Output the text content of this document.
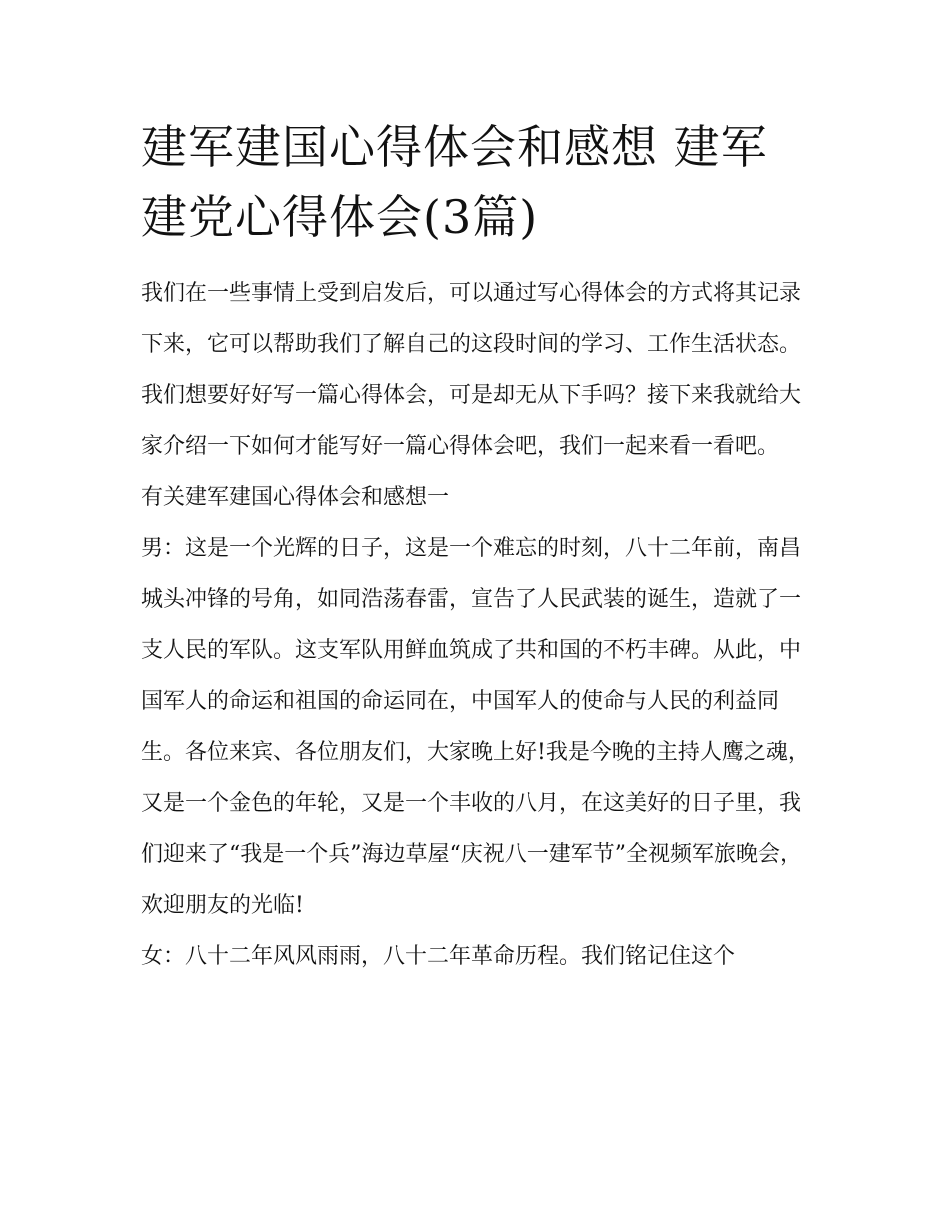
建军建国心得体会和感想 建军建党心得体会(3篇)

我们在一些事情上受到启发后，可以通过写心得体会的方式将其记录下来，它可以帮助我们了解自己的这段时间的学习、工作生活状态。我们想要好好写一篇心得体会，可是却无从下手吗？接下来我就给大家介绍一下如何才能写好一篇心得体会吧，我们一起来看一看吧。

有关建军建国心得体会和感想一

男：这是一个光辉的日子，这是一个难忘的时刻，八十二年前，南昌城头冲锋的号角，如同浩荡春雷，宣告了人民武装的诞生，造就了一支人民的军队。这支军队用鲜血筑成了共和国的不朽丰碑。从此，中国军人的命运和祖国的命运同在，中国军人的使命与人民的利益同生。各位来宾、各位朋友们，大家晚上好!我是今晚的主持人鹰之魂，又是一个金色的年轮，又是一个丰收的八月，在这美好的日子里，我们迎来了“我是一个兵”海边草屋“庆祝八一建军节”全视频军旅晚会，欢迎朋友的光临!

女：八十二年风风雨雨，八十二年革命历程。我们铭记住这个
